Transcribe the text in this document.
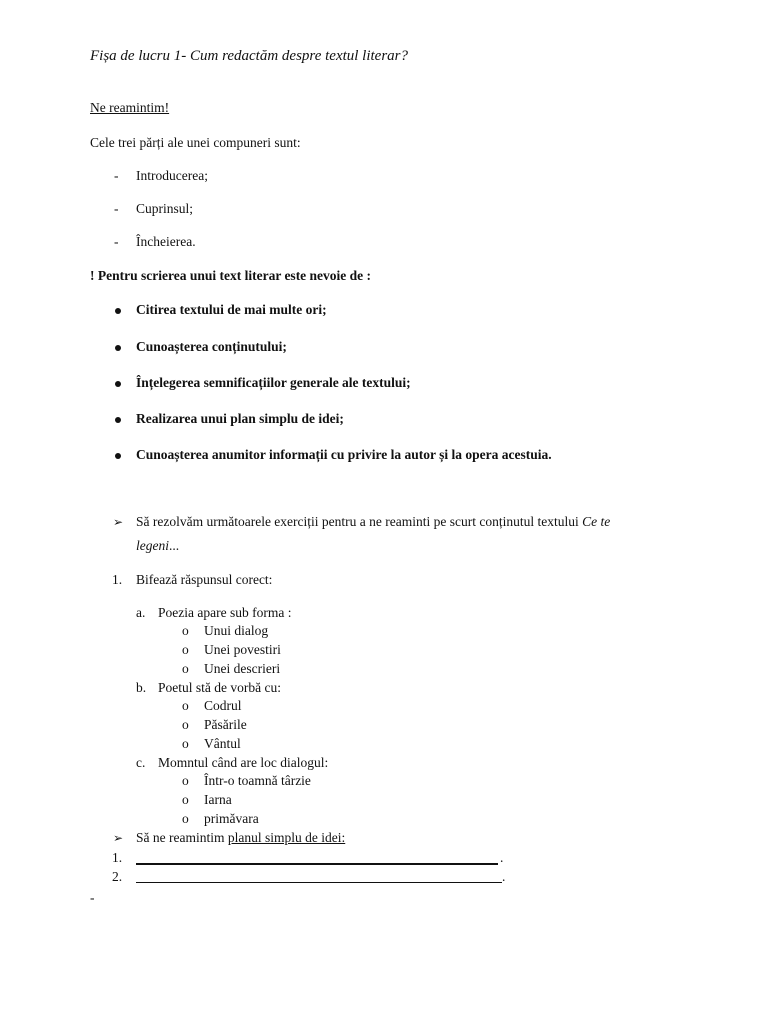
Fișa de lucru 1- Cum redactăm despre textul literar?
Ne reamintim!
Cele trei părți ale unei compuneri sunt:
- Introducerea;
- Cuprinsul;
- Încheierea.
! Pentru scrierea unui text literar este nevoie de :
Citirea textului de mai multe ori;
Cunoașterea conținutului;
Înțelegerea semnificațiilor generale ale textului;
Realizarea unui plan simplu de idei;
Cunoașterea anumitor informații cu privire la autor și la opera acestuia.
➢ Să rezolvăm următoarele exerciții pentru a ne reaminti pe scurt conținutul textului Ce te
legeni...
1. Bifează răspunsul corect:
a. Poezia apare sub forma :
o Unui dialog
o Unei povestiri
o Unei descrieri
b. Poetul stă de vorbă cu:
o Codrul
o Păsările
o Vântul
c. Momntul când are loc dialogul:
o Într-o toamnă târzie
o Iarna
o primăvara
➢ Să ne reamintim planul simplu de idei:
1.	.
2.	.
-
